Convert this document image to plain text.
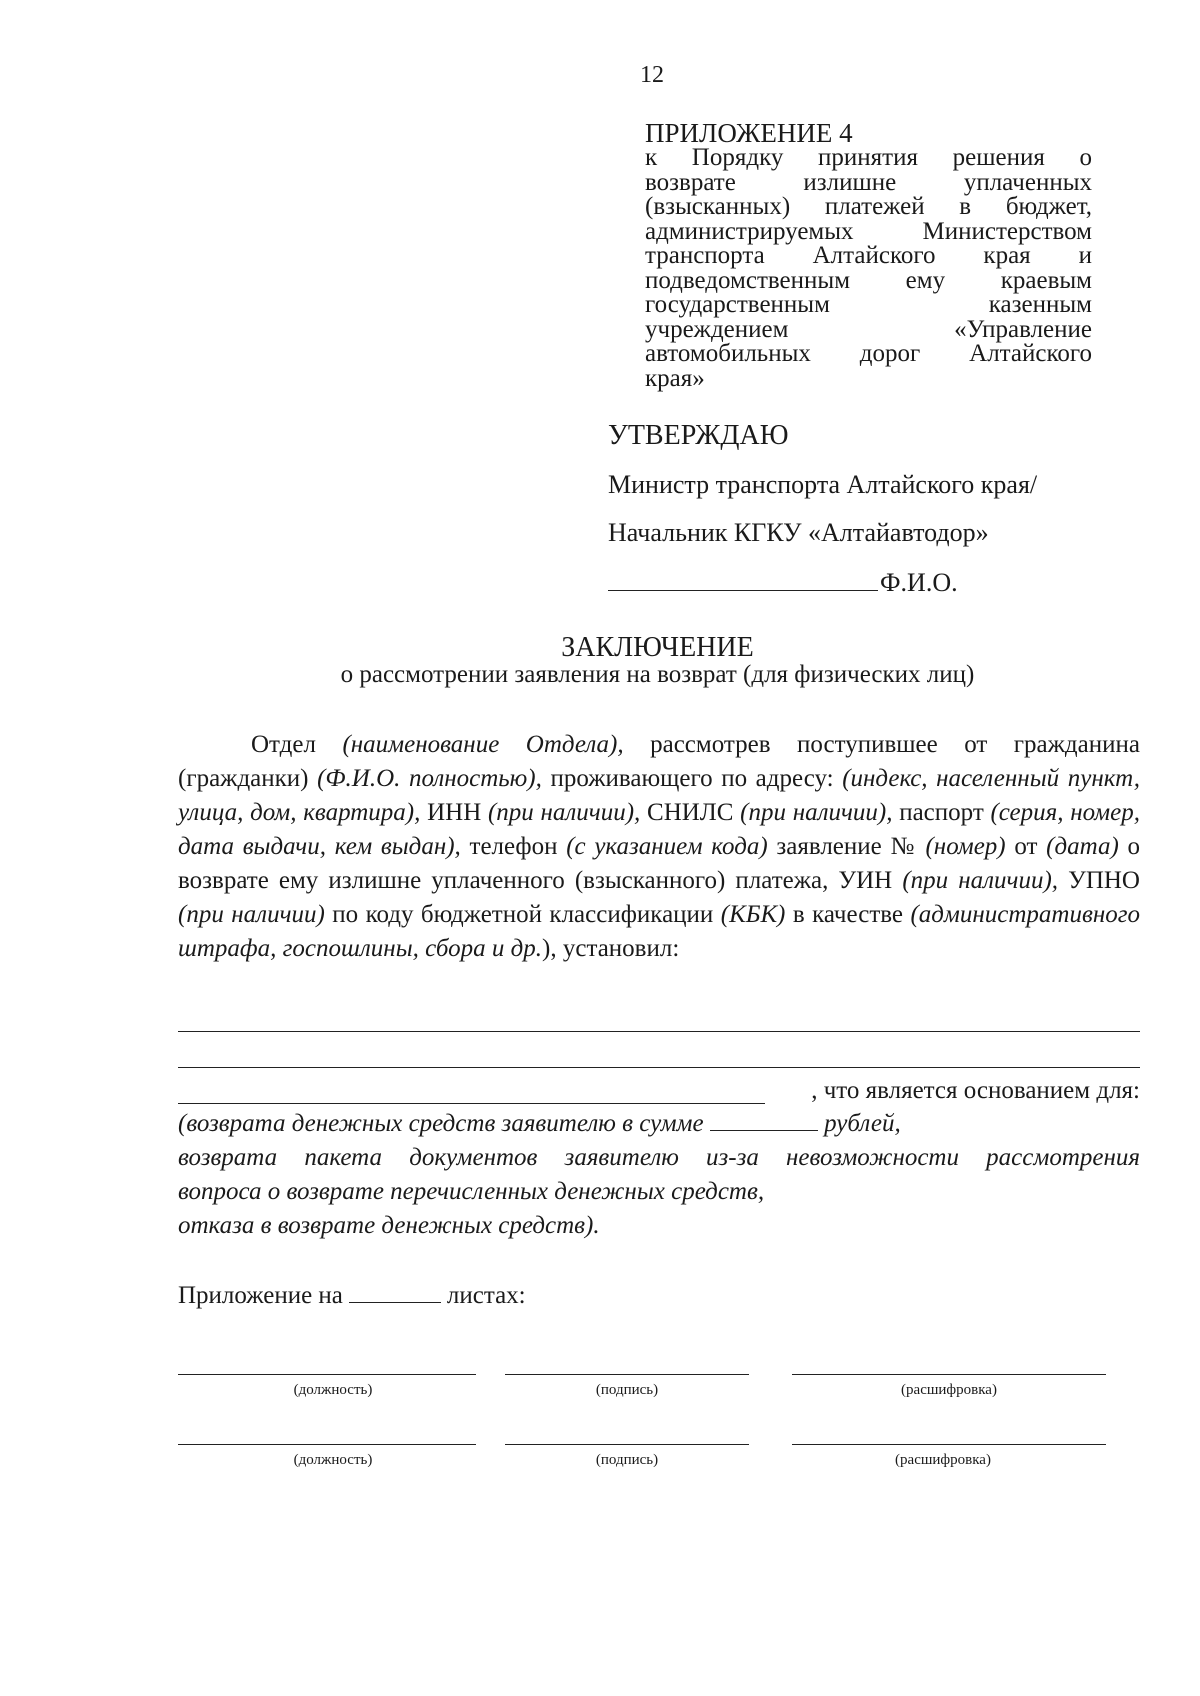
12
ПРИЛОЖЕНИЕ 4
к Порядку принятия решения о
возврате излишне уплаченных
(взысканных) платежей в бюджет,
администрируемых Министерством
транспорта Алтайского края и
подведомственным ему краевым
государственным казенным
учреждением «Управление
автомобильных дорог Алтайского
края»
УТВЕРЖДАЮ
Министр транспорта Алтайского края/
Начальник КГКУ «Алтайавтодор»
Ф.И.О.
ЗАКЛЮЧЕНИЕ
о рассмотрении заявления на возврат (для физических лиц)
Отдел (наименование Отдела), рассмотрев поступившее от гражданина (гражданки) (Ф.И.О. полностью), проживающего по адресу: (индекс, населенный пункт, улица, дом, квартира), ИНН (при наличии), СНИЛС (при наличии), паспорт (серия, номер, дата выдачи, кем выдан), телефон (с указанием кода) заявление № (номер) от (дата) о возврате ему излишне уплаченного (взысканного) платежа, УИН (при наличии), УПНО (при наличии) по коду бюджетной классификации (КБК) в качестве (административного штрафа, госпошлины, сбора и др.), установил:
, что является основанием для:
(возврата денежных средств заявителю в сумме	рублей,
возврата пакета документов заявителю из-за невозможности рассмотрения
вопроса о возврате перечисленных денежных средств,
отказа в возврате денежных средств).
Приложение на	листах:
(должность)	(подпись)	(расшифровка)
(должность)	(подпись)	(расшифровка)
